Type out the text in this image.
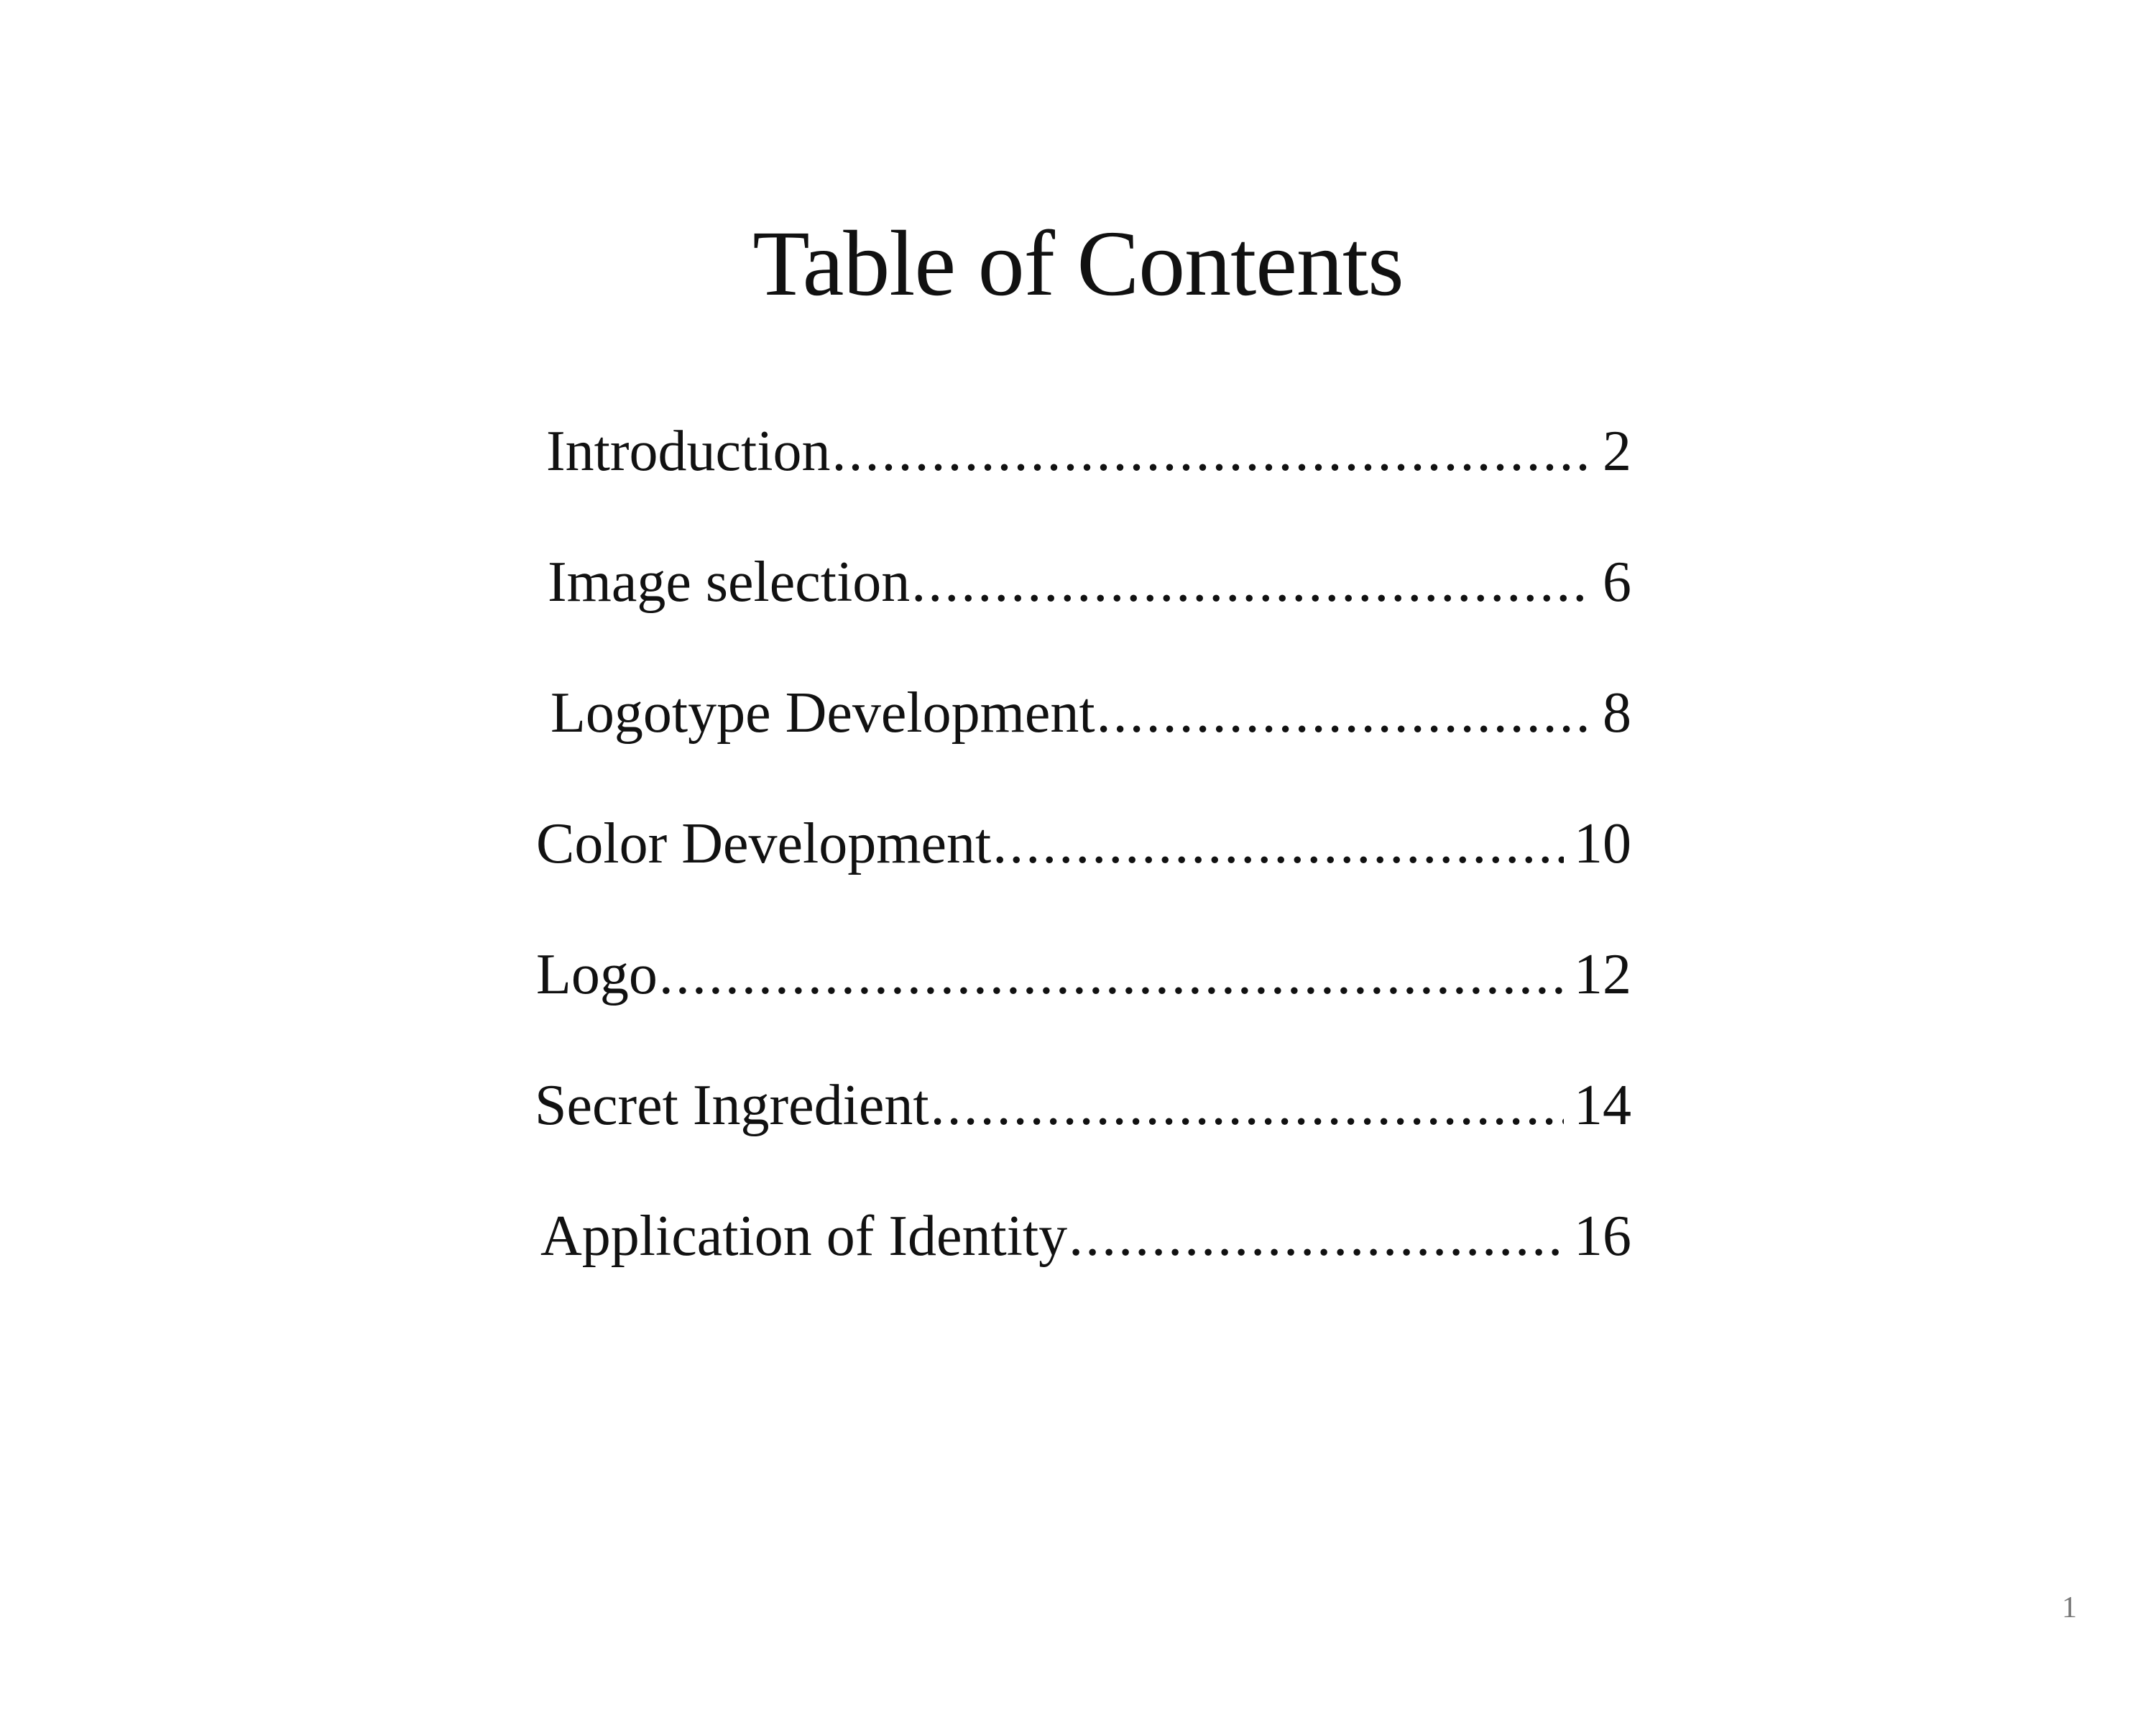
Table of Contents
Introduction .....	2
Image selection .....	6
Logotype Development .....	8
Color Development .....	10
Logo .....	12
Secret Ingredient .....	14
Application of Identity .....	16
1
